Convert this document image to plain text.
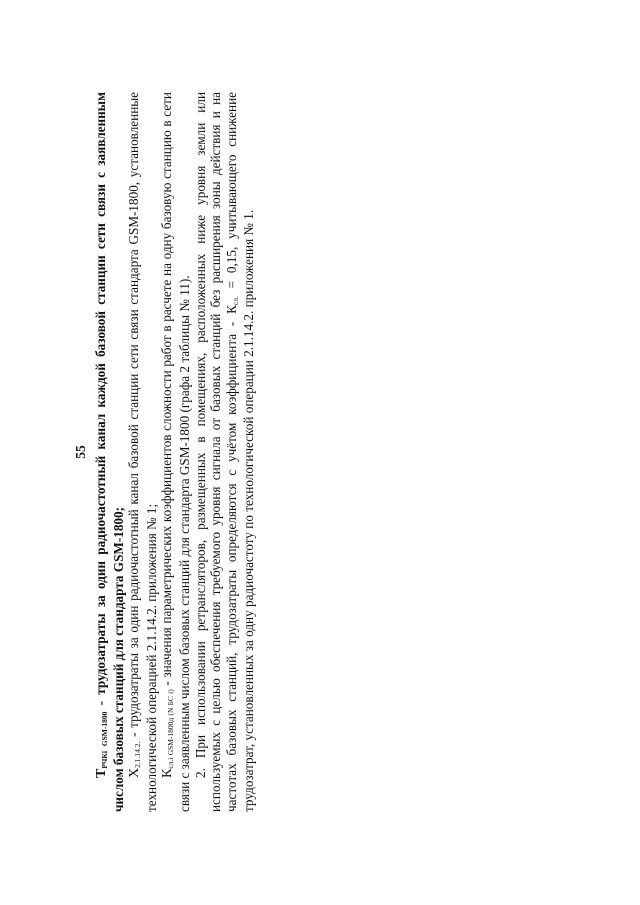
55

ТРЧКi GSM-1800 - трудозатраты за один радиочастотный канал каждой базовой станции сети связи с заявленным числом базовых станций для стандарта GSM-1800; Х2.1.14.2. - трудозатраты за один радиочастотный канал базовой станции сети связи стандарта GSM-1800, установленные технологической операцией 2.1.14.2. приложения № 1; Ксл.i GSM-1800д (N БС i) - значения параметрических коэффициентов сложности работ в расчете на одну базовую станцию в сети связи с заявленным числом базовых станций для стандарта GSM-1800 (графа 2 таблицы № 11). 2. При использовании ретрансляторов, размещенных в помещениях, расположенных ниже уровня земли или используемых с целью обеспечения требуемого уровня сигнала от базовых станций без расширения зоны действия и на частотах базовых станций, трудозатраты определяются с учётом коэффициента - Ксл. = 0,15, учитывающего снижение трудозатрат, установленных за одну радиочастоту по технологической операции 2.1.14.2. приложения № 1.
